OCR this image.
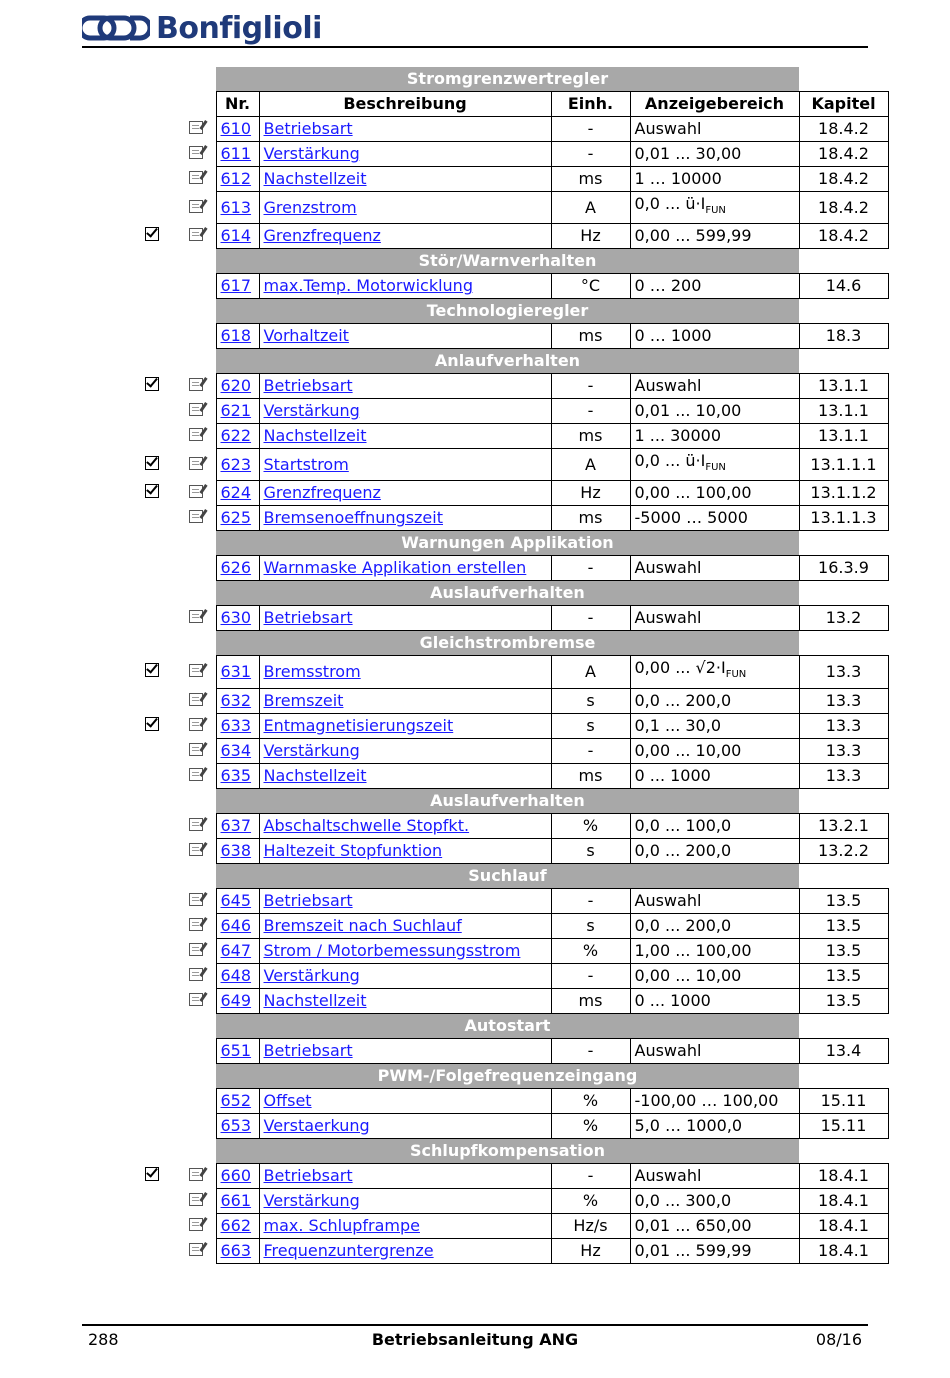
Bonfiglioli
		Stromgrenzwertregler				
		Nr.	Beschreibung	Einh.	Anzeigebereich	Kapitel
		610	Betriebsart	-	Auswahl	18.4.2
		611	Verstärkung	-	0,01 ... 30,00	18.4.2
		612	Nachstellzeit	ms	1 … 10000	18.4.2
		613	Grenzstrom	A	0,0 ... $ü\cdot I_{FUN}$	18.4.2
		614	Grenzfrequenz	Hz	0,00 ... 599,99	18.4.2
		Stör/Warnverhalten				
		617	max.Temp. Motorwicklung	°C	0 … 200	14.6
		Technologieregler				
		618	Vorhaltzeit	ms	0 … 1000	18.3
		Anlaufverhalten				
		620	Betriebsart	-	Auswahl	13.1.1
		621	Verstärkung	-	0,01 ... 10,00	13.1.1
		622	Nachstellzeit	ms	1 ... 30000	13.1.1
		623	Startstrom	A	0,0 ... $ü\cdot I_{FUN}$	13.1.1.1
		624	Grenzfrequenz	Hz	0,00 ... 100,00	13.1.1.2
		625	Bremsenoeffnungszeit	ms	-5000 … 5000	13.1.1.3
		Warnungen Applikation				
		626	Warnmaske Applikation erstellen	-	Auswahl	16.3.9
		Auslaufverhalten				
		630	Betriebsart	-	Auswahl	13.2
		Gleichstrombremse				
		631	Bremsstrom	A	0,00 ... $√2\cdot I_{FUN}$	13.3
		632	Bremszeit	s	0,0 ... 200,0	13.3
		633	Entmagnetisierungszeit	s	0,1 ... 30,0	13.3
		634	Verstärkung	-	0,00 ... 10,00	13.3
		635	Nachstellzeit	ms	0 ... 1000	13.3
		Auslaufverhalten				
		637	Abschaltschwelle Stopfkt.	%	0,0 ... 100,0	13.2.1
		638	Haltezeit Stopfunktion	s	0,0 ... 200,0	13.2.2
		Suchlauf				
		645	Betriebsart	-	Auswahl	13.5
		646	Bremszeit nach Suchlauf	s	0,0 ... 200,0	13.5
		647	Strom / Motorbemessungsstrom	%	1,00 ... 100,00	13.5
		648	Verstärkung	-	0,00 ... 10,00	13.5
		649	Nachstellzeit	ms	0 ... 1000	13.5
		Autostart				
		651	Betriebsart	-	Auswahl	13.4
		PWM-/Folgefrequenzeingang				
		652	Offset	%	-100,00 … 100,00	15.11
		653	Verstaerkung	%	5,0 … 1000,0	15.11
		Schlupfkompensation				
		660	Betriebsart	-	Auswahl	18.4.1
		661	Verstärkung	%	0,0 ... 300,0	18.4.1
		662	max. Schlupframpe	Hz/s	0,01 ... 650,00	18.4.1
		663	Frequenzuntergrenze	Hz	0,01 ... 599,99	18.4.1
288	Betriebsanleitung ANG	08/16
